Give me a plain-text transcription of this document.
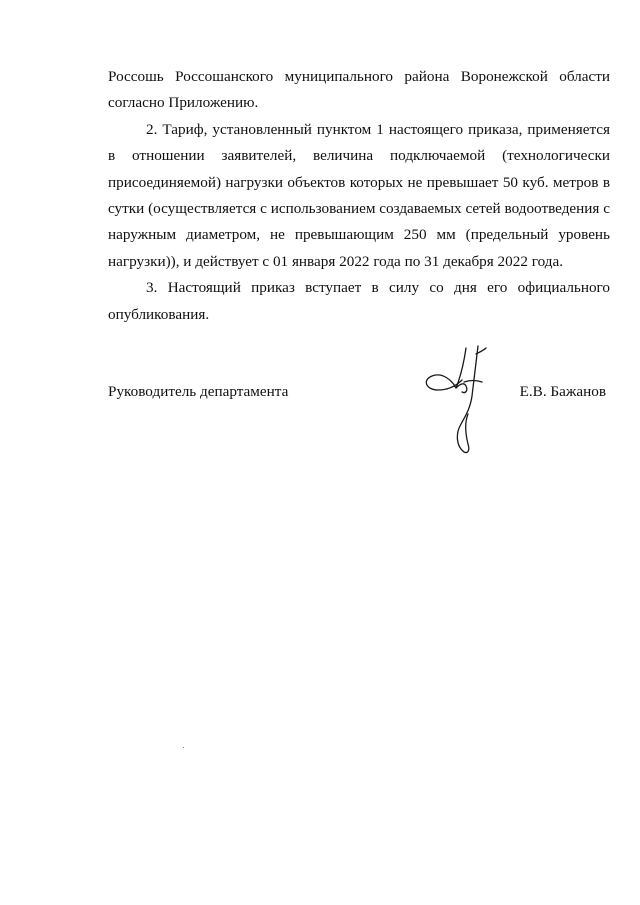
Россошь Россошанского муниципального района Воронежской области согласно Приложению.

2. Тариф, установленный пунктом 1 настоящего приказа, применяется в отношении заявителей, величина подключаемой (технологически присоединяемой) нагрузки объектов которых не превышает 50 куб. метров в сутки (осуществляется с использованием создаваемых сетей водоотведения с наружным диаметром, не превышающим 250 мм (предельный уровень нагрузки)), и действует с 01 января 2022 года по 31 декабря 2022 года.

3. Настоящий приказ вступает в силу со дня его официального опубликования.

Руководитель департамента	Е.В. Бажанов
